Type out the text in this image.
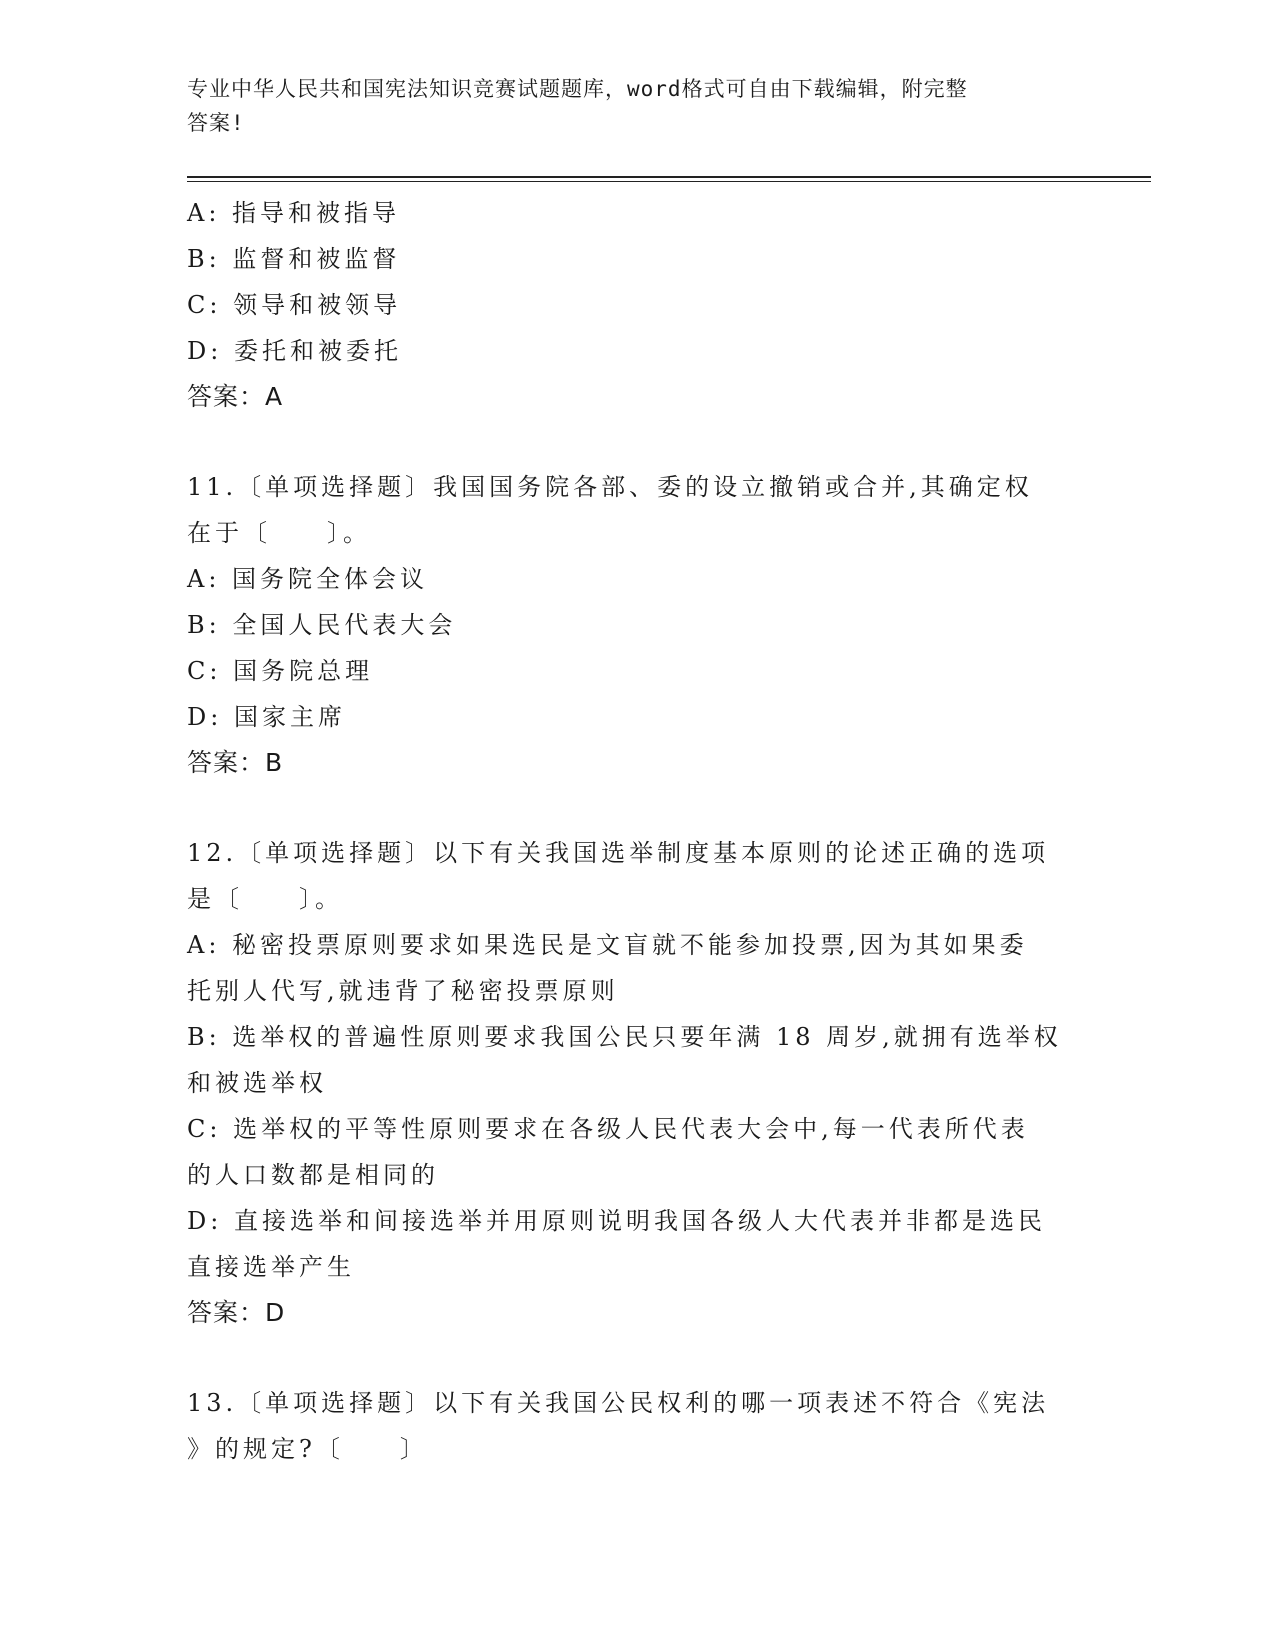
专业中华人民共和国宪法知识竞赛试题题库，word格式可自由下载编辑，附完整
答案!
A: 指导和被指导
B: 监督和被监督
C: 领导和被领导
D: 委托和被委托
答案：A
11.〔单项选择题〕我国国务院各部、委的设立撤销或合并,其确定权
在于〔　　〕。
A: 国务院全体会议
B: 全国人民代表大会
C: 国务院总理
D: 国家主席
答案：B
12.〔单项选择题〕以下有关我国选举制度基本原则的论述正确的选项
是〔　　〕。
A: 秘密投票原则要求如果选民是文盲就不能参加投票,因为其如果委
托别人代写,就违背了秘密投票原则
B: 选举权的普遍性原则要求我国公民只要年满 18 周岁,就拥有选举权
和被选举权
C: 选举权的平等性原则要求在各级人民代表大会中,每一代表所代表
的人口数都是相同的
D: 直接选举和间接选举并用原则说明我国各级人大代表并非都是选民
直接选举产生
答案：D
13.〔单项选择题〕以下有关我国公民权利的哪一项表述不符合《宪法
》的规定?〔　　〕
